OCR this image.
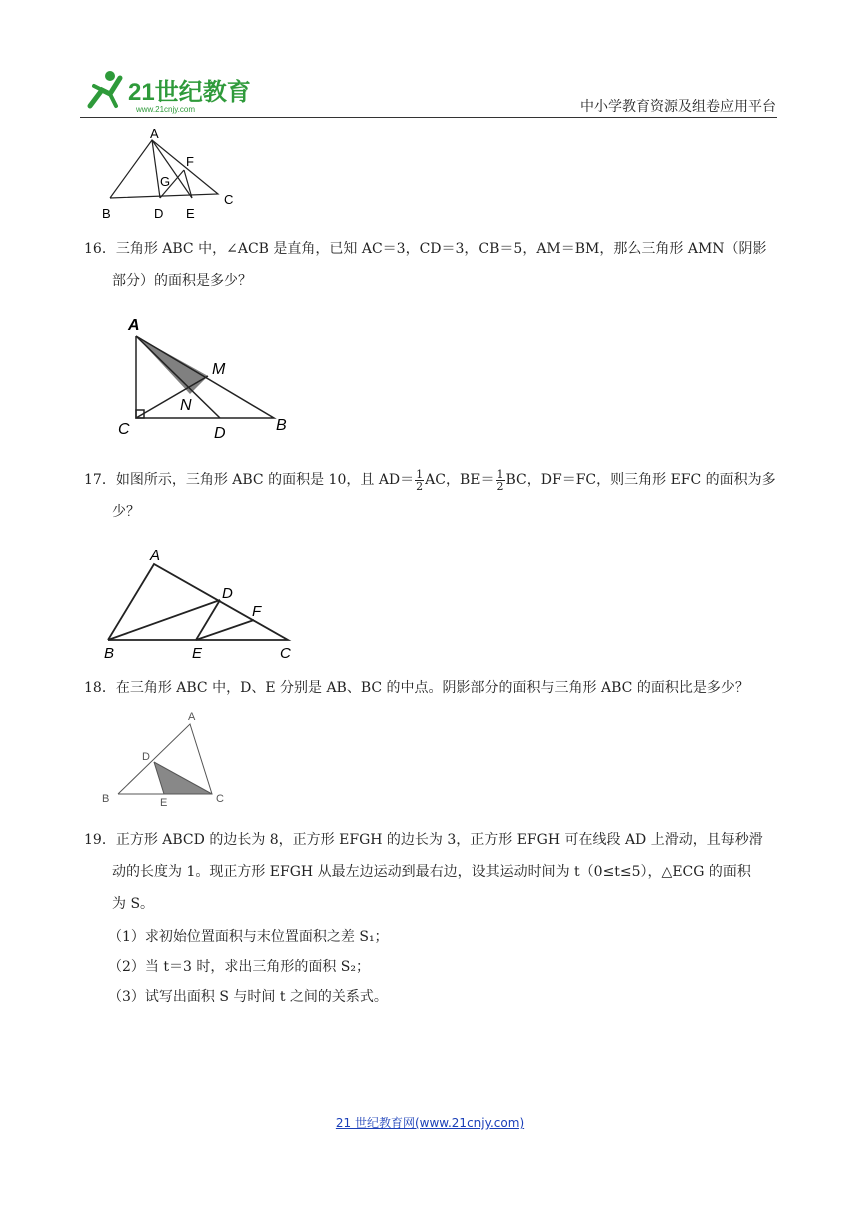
21世纪教育
www.21cnjy.com	中小学教育资源及组卷应用平台
A
F
G
B	D E
C
16．三角形 ABC 中，∠ACB 是直角，已知 AC＝3，CD＝3，CB＝5，AM＝BM，那么三角形 AMN（阴影
部分）的面积是多少？
A
M
N
C	D	B
17．如图所示，三角形 ABC 的面积是 10，且 $AD= \frac{1}{2}$ AC，$BE= \frac{1}{2}$ BC，DF＝FC，则三角形 EFC 的面积为多
少？
A
D
F
B	E	C
18．在三角形 ABC 中，D、E 分别是 AB、BC 的中点。阴影部分的面积与三角形 ABC 的面积比是多少？
A
D
B	E	C
19．正方形 ABCD 的边长为 8，正方形 EFGH 的边长为 3，正方形 EFGH 可在线段 AD 上滑动，且每秒滑
动的长度为 1。现正方形 EFGH 从最左边运动到最右边，设其运动时间为 t（0≤t≤5），△ECG 的面积
为 S。
（1）求初始位置面积与末位置面积之差 S₁；
（2）当 t＝3 时，求出三角形的面积 S₂；
（3）试写出面积 S 与时间 t 之间的关系式。
21 世纪教育网(www.21cnjy.com)
